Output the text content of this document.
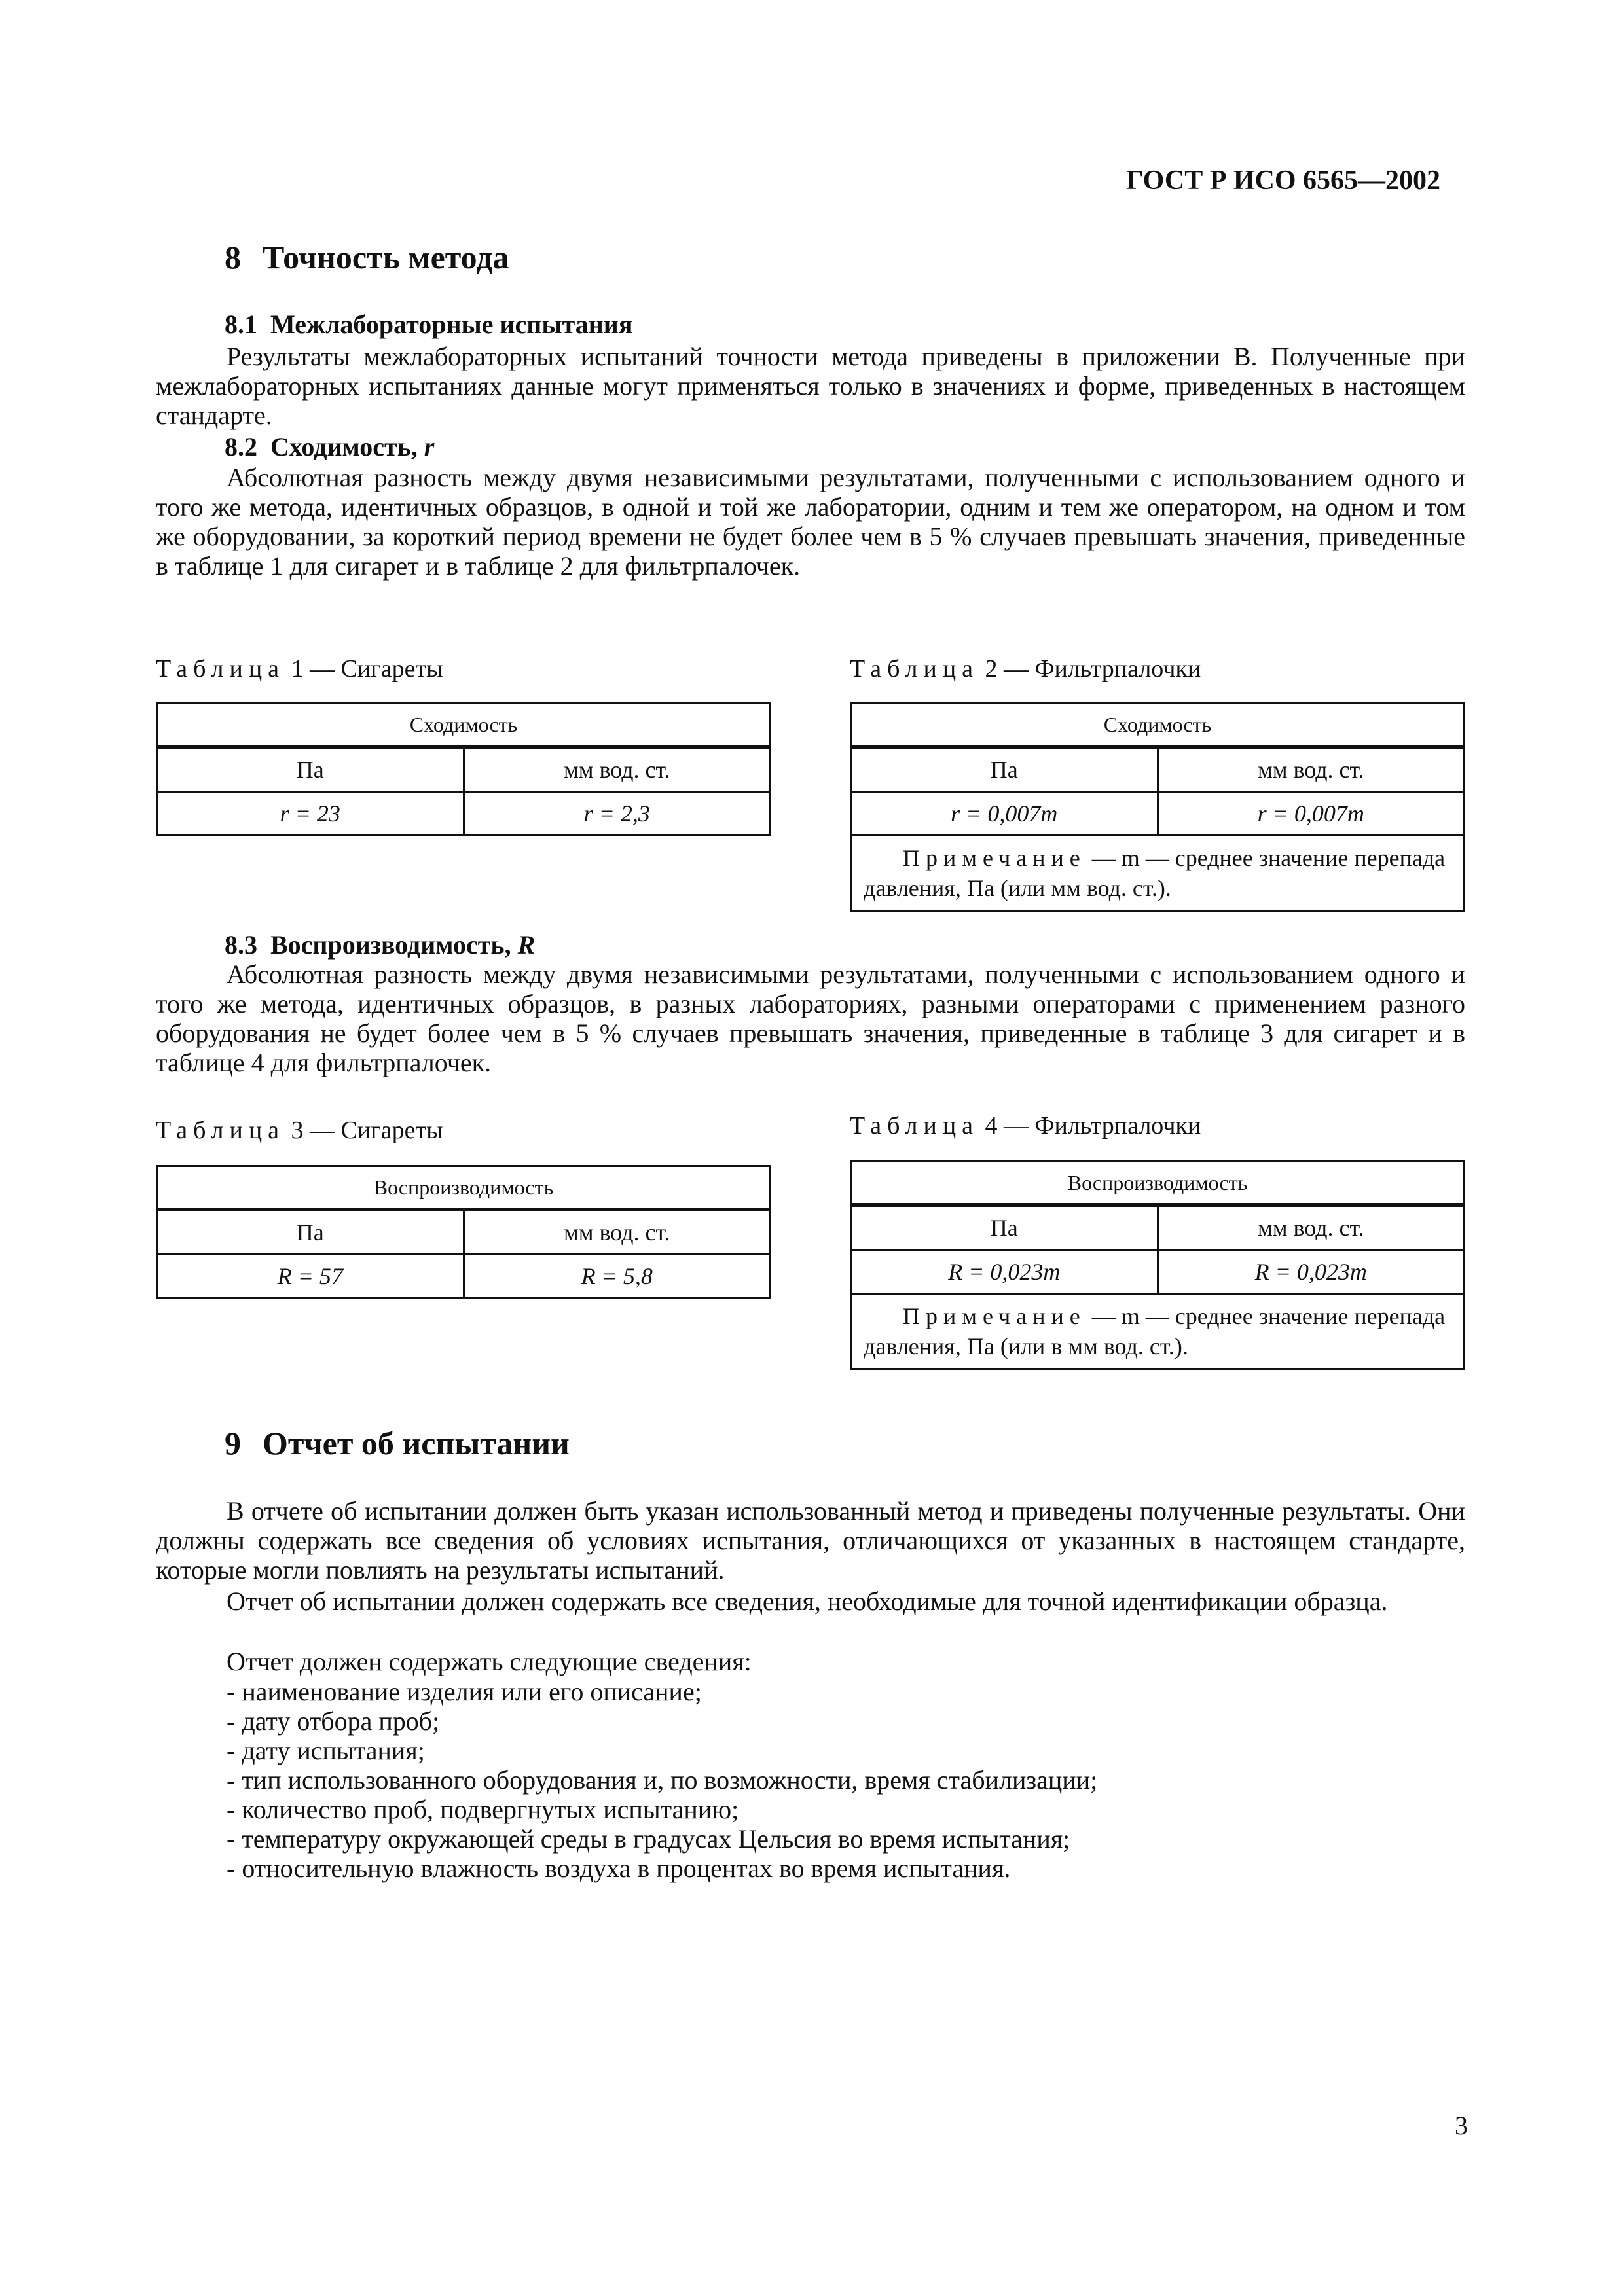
ГОСТ Р ИСО 6565—2002
8 Точность метода
8.1 Межлабораторные испытания
Результаты межлабораторных испытаний точности метода приведены в приложении В. Полученные при межлабораторных испытаниях данные могут применяться только в значениях и форме, приведенных в настоящем стандарте.
8.2 Сходимость, r
Абсолютная разность между двумя независимыми результатами, полученными с использованием одного и того же метода, идентичных образцов, в одной и той же лаборатории, одним и тем же оператором, на одном и том же оборудовании, за короткий период времени не будет более чем в 5 % случаев превышать значения, приведенные в таблице 1 для сигарет и в таблице 2 для фильтрпалочек.
Таблица 1 — Сигареты
Сходимость	
Па	мм вод. ст.
r = 23	r = 2,3
Таблица 2 — Фильтрпалочки
Сходимость	
Па	мм вод. ст.
r = 0,007m	r = 0,007m
Примечание — m — среднее значение перепада давления, Па (или мм вод. ст.).	
8.3 Воспроизводимость, R
Абсолютная разность между двумя независимыми результатами, полученными с использованием одного и того же метода, идентичных образцов, в разных лабораториях, разными операторами с применением разного оборудования не будет более чем в 5 % случаев превышать значения, приведенные в таблице 3 для сигарет и в таблице 4 для фильтрпалочек.
Таблица 3 — Сигареты
Воспроизводимость	
Па	мм вод. ст.
R = 57	R = 5,8
Таблица 4 — Фильтрпалочки
Воспроизводимость	
Па	мм вод. ст.
R = 0,023m	R = 0,023m
Примечание — m — среднее значение перепада давления, Па (или в мм вод. ст.).	
9 Отчет об испытании
В отчете об испытании должен быть указан использованный метод и приведены полученные результаты. Они должны содержать все сведения об условиях испытания, отличающихся от указанных в настоящем стандарте, которые могли повлиять на результаты испытаний.
Отчет об испытании должен содержать все сведения, необходимые для точной идентификации образца.
Отчет должен содержать следующие сведения:
- наименование изделия или его описание;
- дату отбора проб;
- дату испытания;
- тип использованного оборудования и, по возможности, время стабилизации;
- количество проб, подвергнутых испытанию;
- температуру окружающей среды в градусах Цельсия во время испытания;
- относительную влажность воздуха в процентах во время испытания.
3
